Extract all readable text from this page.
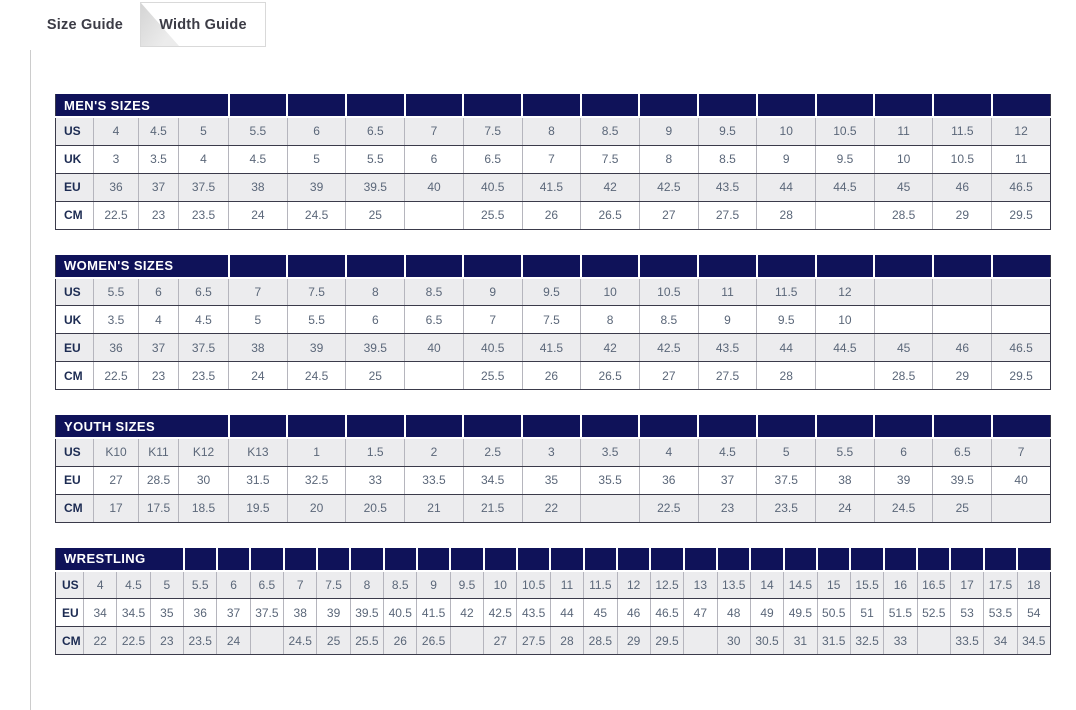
Size Guide Width Guide
MEN'S SIZES																	
US	4	4.5	5	5.5	6	6.5	7	7.5	8	8.5	9	9.5	10	10.5	11	11.5	12
UK	3	3.5	4	4.5	5	5.5	6	6.5	7	7.5	8	8.5	9	9.5	10	10.5	11
EU	36	37	37.5	38	39	39.5	40	40.5	41.5	42	42.5	43.5	44	44.5	45	46	46.5
CM	22.5	23	23.5	24	24.5	25		25.5	26	26.5	27	27.5	28		28.5	29	29.5
WOMEN'S SIZES																	
US	5.5	6	6.5	7	7.5	8	8.5	9	9.5	10	10.5	11	11.5	12			
UK	3.5	4	4.5	5	5.5	6	6.5	7	7.5	8	8.5	9	9.5	10			
EU	36	37	37.5	38	39	39.5	40	40.5	41.5	42	42.5	43.5	44	44.5	45	46	46.5
CM	22.5	23	23.5	24	24.5	25		25.5	26	26.5	27	27.5	28		28.5	29	29.5
YOUTH SIZES																	
US	K10	K11	K12	K13	1	1.5	2	2.5	3	3.5	4	4.5	5	5.5	6	6.5	7
EU	27	28.5	30	31.5	32.5	33	33.5	34.5	35	35.5	36	37	37.5	38	39	39.5	40
CM	17	17.5	18.5	19.5	20	20.5	21	21.5	22		22.5	23	23.5	24	24.5	25	
WRESTLING																													
US	4	4.5	5	5.5	6	6.5	7	7.5	8	8.5	9	9.5	10	10.5	11	11.5	12	12.5	13	13.5	14	14.5	15	15.5	16	16.5	17	17.5	18
EU	34	34.5	35	36	37	37.5	38	39	39.5	40.5	41.5	42	42.5	43.5	44	45	46	46.5	47	48	49	49.5	50.5	51	51.5	52.5	53	53.5	54
CM	22	22.5	23	23.5	24		24.5	25	25.5	26	26.5		27	27.5	28	28.5	29	29.5		30	30.5	31	31.5	32.5	33		33.5	34	34.5
